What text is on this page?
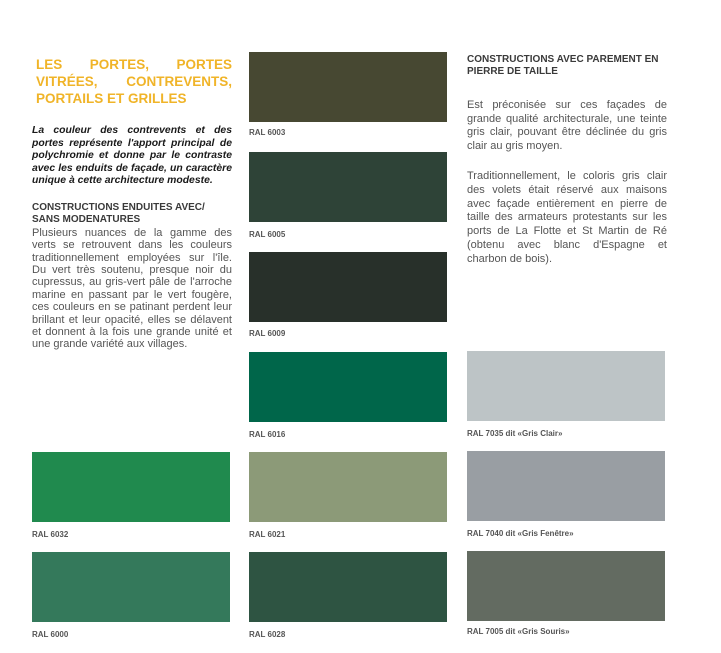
LES PORTES, PORTES VITRÉES, CONTREVENTS, PORTAILS ET GRILLES

La couleur des contrevents et des portes représente l'apport principal de polychromie et donne par le contraste avec les enduits de façade, un caractère unique à cette architecture modeste.

CONSTRUCTIONS ENDUITES AVEC/ SANS MODENATURES

Plusieurs nuances de la gamme des verts se retrouvent dans les couleurs traditionnellement employées sur l'île. Du vert très soutenu, presque noir du cupressus, au gris-vert pâle de l'arroche marine en passant par le vert fougère, ces couleurs en se patinant perdent leur brillant et leur opacité, elles se délavent et donnent à la fois une grande unité et une grande variété aux villages.

CONSTRUCTIONS AVEC PAREMENT EN PIERRE DE TAILLE

Est préconisée sur ces façades de grande qualité architecturale, une teinte gris clair, pouvant être déclinée du gris clair au gris moyen.

Traditionnellement, le coloris gris clair des volets était réservé aux maisons avec façade entièrement en pierre de taille des armateurs protestants sur les ports de La Flotte et St Martin de Ré (obtenu avec blanc d'Espagne et charbon de bois).

RAL 6003
RAL 6005
RAL 6009
RAL 6016
RAL 6032	RAL 6021
RAL 7035 dit «Gris Clair»
RAL 7040 dit «Gris Fenêtre»
RAL 6000	RAL 6028	RAL 7005 dit «Gris Souris»
